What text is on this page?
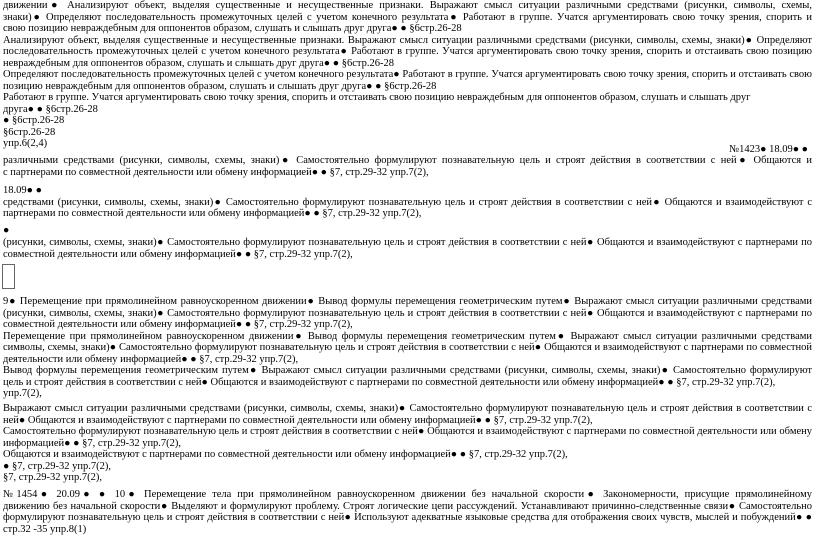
движении● Анализируют объект, выделяя существенные и несущественные признаки. Выражают смысл ситуации различными средствами (рисунки, символы, схемы,
знаки)● Определяют последовательность промежуточных целей с учетом конечного результата● Работают в группе. Учатся аргументировать свою точку зрения, спорить и
свою позицию невраждебным для оппонентов образом, слушать и слышать друг друга● ● §6стр.26-28
Анализируют объект, выделяя существенные и несущественные признаки. Выражают смысл ситуации различными средствами (рисунки, символы, схемы, знаки)● Определяют
последовательность промежуточных целей с учетом конечного результата● Работают в группе. Учатся аргументировать свою точку зрения, спорить и отстаивать свою позицию
невраждебным для оппонентов образом, слушать и слышать друг друга● ● §6стр.26-28
Определяют последовательность промежуточных целей с учетом конечного результата● Работают в группе. Учатся аргументировать свою точку зрения, спорить и отстаивать свою
позицию невраждебным для оппонентов образом, слушать и слышать друг друга● ● §6стр.26-28
Работают в группе. Учатся аргументировать свою точку зрения, спорить и отстаивать свою позицию невраждебным для оппонентов образом, слушать и слышать друг
друга● ● §6стр.26-28
● §6стр.26-28
§6стр.26-28
упр.6(2,4)
№1423● 18.09● ●
различными средствами (рисунки, символы, схемы, знаки)● Самостоятельно формулируют познавательную цель и строят действия в соответствии с ней● Общаются и
с партнерами по совместной деятельности или обмену информацией● ● §7, стр.29-32 упр.7(2),
18.09● ●
средствами (рисунки, символы, схемы, знаки)● Самостоятельно формулируют познавательную цель и строят действия в соответствии с ней● Общаются и взаимодействуют с
партнерами по совместной деятельности или обмену информацией● ● §7, стр.29-32 упр.7(2),
●
(рисунки, символы, схемы, знаки)● Самостоятельно формулируют познавательную цель и строят действия в соответствии с ней● Общаются и взаимодействуют с партнерами по
совместной деятельности или обмену информацией● ● §7, стр.29-32 упр.7(2),
9● Перемещение при прямолинейном равноускоренном движении● Вывод формулы перемещения геометрическим путем● Выражают смысл ситуации различными средствами
(рисунки, символы, схемы, знаки)● Самостоятельно формулируют познавательную цель и строят действия в соответствии с ней● Общаются и взаимодействуют с партнерами по
совместной деятельности или обмену информацией● ● §7, стр.29-32 упр.7(2),
Перемещение при прямолинейном равноускоренном движении● Вывод формулы перемещения геометрическим путем● Выражают смысл ситуации различными средствами
символы, схемы, знаки)● Самостоятельно формулируют познавательную цель и строят действия в соответствии с ней● Общаются и взаимодействуют с партнерами по совместной
деятельности или обмену информацией● ● §7, стр.29-32 упр.7(2),
Вывод формулы перемещения геометрическим путем● Выражают смысл ситуации различными средствами (рисунки, символы, схемы, знаки)● Самостоятельно формулируют
цель и строят действия в соответствии с ней● Общаются и взаимодействуют с партнерами по совместной деятельности или обмену информацией● ● §7, стр.29-32 упр.7(2),
упр.7(2),
Выражают смысл ситуации различными средствами (рисунки, символы, схемы, знаки)● Самостоятельно формулируют познавательную цель и строят действия в соответствии с
ней● Общаются и взаимодействуют с партнерами по совместной деятельности или обмену информацией● ● §7, стр.29-32 упр.7(2),
Самостоятельно формулируют познавательную цель и строят действия в соответствии с ней● Общаются и взаимодействуют с партнерами по совместной деятельности или обмену
информацией● ● §7, стр.29-32 упр.7(2),
Общаются и взаимодействуют с партнерами по совместной деятельности или обмену информацией● ● §7, стр.29-32 упр.7(2),
● §7, стр.29-32 упр.7(2),
§7, стр.29-32 упр.7(2),
№1454● 20.09● ● 10● Перемещение тела при прямолинейном равноускоренном движении без начальной скорости● Закономерности, присущие прямолинейному
движению без начальной скорости● Выделяют и формулируют проблему. Строят логические цепи рассуждений. Устанавливают причинно-следственные связи● Самостоятельно
формулируют познавательную цель и строят действия в соответствии с ней● Используют адекватные языковые средства для отображения своих чувств, мыслей и побуждений● ●
стр.32 -35 упр.8(1)
